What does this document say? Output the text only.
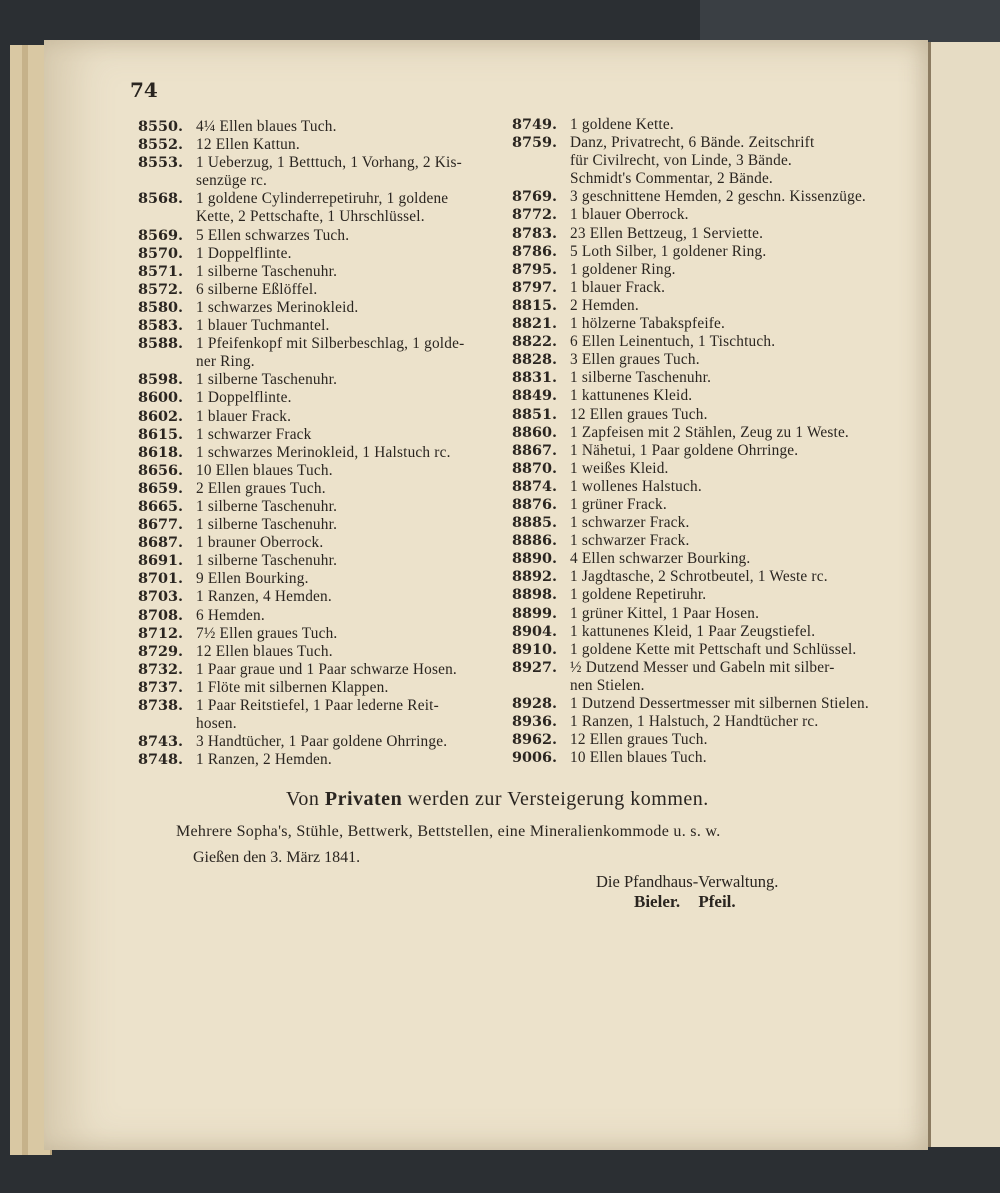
74
8550. 4¼ Ellen blaues Tuch.
8552. 12 Ellen Kattun.
8553. 1 Ueberzug, 1 Betttuch, 1 Vorhang, 2 Kis-
senzüge rc.
8568. 1 goldene Cylinderrepetiruhr, 1 goldene
Kette, 2 Pettschafte, 1 Uhrschlüssel.
8569. 5 Ellen schwarzes Tuch.
8570. 1 Doppelflinte.
8571. 1 silberne Taschenuhr.
8572. 6 silberne Eßlöffel.
8580. 1 schwarzes Merinokleid.
8583. 1 blauer Tuchmantel.
8588. 1 Pfeifenkopf mit Silberbeschlag, 1 golde-
ner Ring.
8598. 1 silberne Taschenuhr.
8600. 1 Doppelflinte.
8602. 1 blauer Frack.
8615. 1 schwarzer Frack
8618. 1 schwarzes Merinokleid, 1 Halstuch rc.
8656. 10 Ellen blaues Tuch.
8659. 2 Ellen graues Tuch.
8665. 1 silberne Taschenuhr.
8677. 1 silberne Taschenuhr.
8687. 1 brauner Oberrock.
8691. 1 silberne Taschenuhr.
8701. 9 Ellen Bourking.
8703. 1 Ranzen, 4 Hemden.
8708. 6 Hemden.
8712. 7½ Ellen graues Tuch.
8729. 12 Ellen blaues Tuch.
8732. 1 Paar graue und 1 Paar schwarze Hosen.
8737. 1 Flöte mit silbernen Klappen.
8738. 1 Paar Reitstiefel, 1 Paar lederne Reit-
hosen.
8743. 3 Handtücher, 1 Paar goldene Ohrringe.
8748. 1 Ranzen, 2 Hemden.
8749. 1 goldene Kette.
8759. Danz, Privatrecht, 6 Bände. Zeitschrift
für Civilrecht, von Linde, 3 Bände.
Schmidt's Commentar, 2 Bände.
8769. 3 geschnittene Hemden, 2 geschn. Kissenzüge.
8772. 1 blauer Oberrock.
8783. 23 Ellen Bettzeug, 1 Serviette.
8786. 5 Loth Silber, 1 goldener Ring.
8795. 1 goldener Ring.
8797. 1 blauer Frack.
8815. 2 Hemden.
8821. 1 hölzerne Tabakspfeife.
8822. 6 Ellen Leinentuch, 1 Tischtuch.
8828. 3 Ellen graues Tuch.
8831. 1 silberne Taschenuhr.
8849. 1 kattunenes Kleid.
8851. 12 Ellen graues Tuch.
8860. 1 Zapfeisen mit 2 Stählen, Zeug zu 1 Weste.
8867. 1 Nähetui, 1 Paar goldene Ohrringe.
8870. 1 weißes Kleid.
8874. 1 wollenes Halstuch.
8876. 1 grüner Frack.
8885. 1 schwarzer Frack.
8886. 1 schwarzer Frack.
8890. 4 Ellen schwarzer Bourking.
8892. 1 Jagdtasche, 2 Schrotbeutel, 1 Weste rc.
8898. 1 goldene Repetiruhr.
8899. 1 grüner Kittel, 1 Paar Hosen.
8904. 1 kattunenes Kleid, 1 Paar Zeugstiefel.
8910. 1 goldene Kette mit Pettschaft und Schlüssel.
8927. ½ Dutzend Messer und Gabeln mit silber-
nen Stielen.
8928. 1 Dutzend Dessertmesser mit silbernen Stielen.
8936. 1 Ranzen, 1 Halstuch, 2 Handtücher rc.
8962. 12 Ellen graues Tuch.
9006. 10 Ellen blaues Tuch.
Von Privaten werden zur Versteigerung kommen.
Mehrere Sopha's, Stühle, Bettwerk, Bettstellen, eine Mineralienkommode u. s. w.
Gießen den 3. März 1841.
Die Pfandhaus-Verwaltung.
Bieler. Pfeil.
